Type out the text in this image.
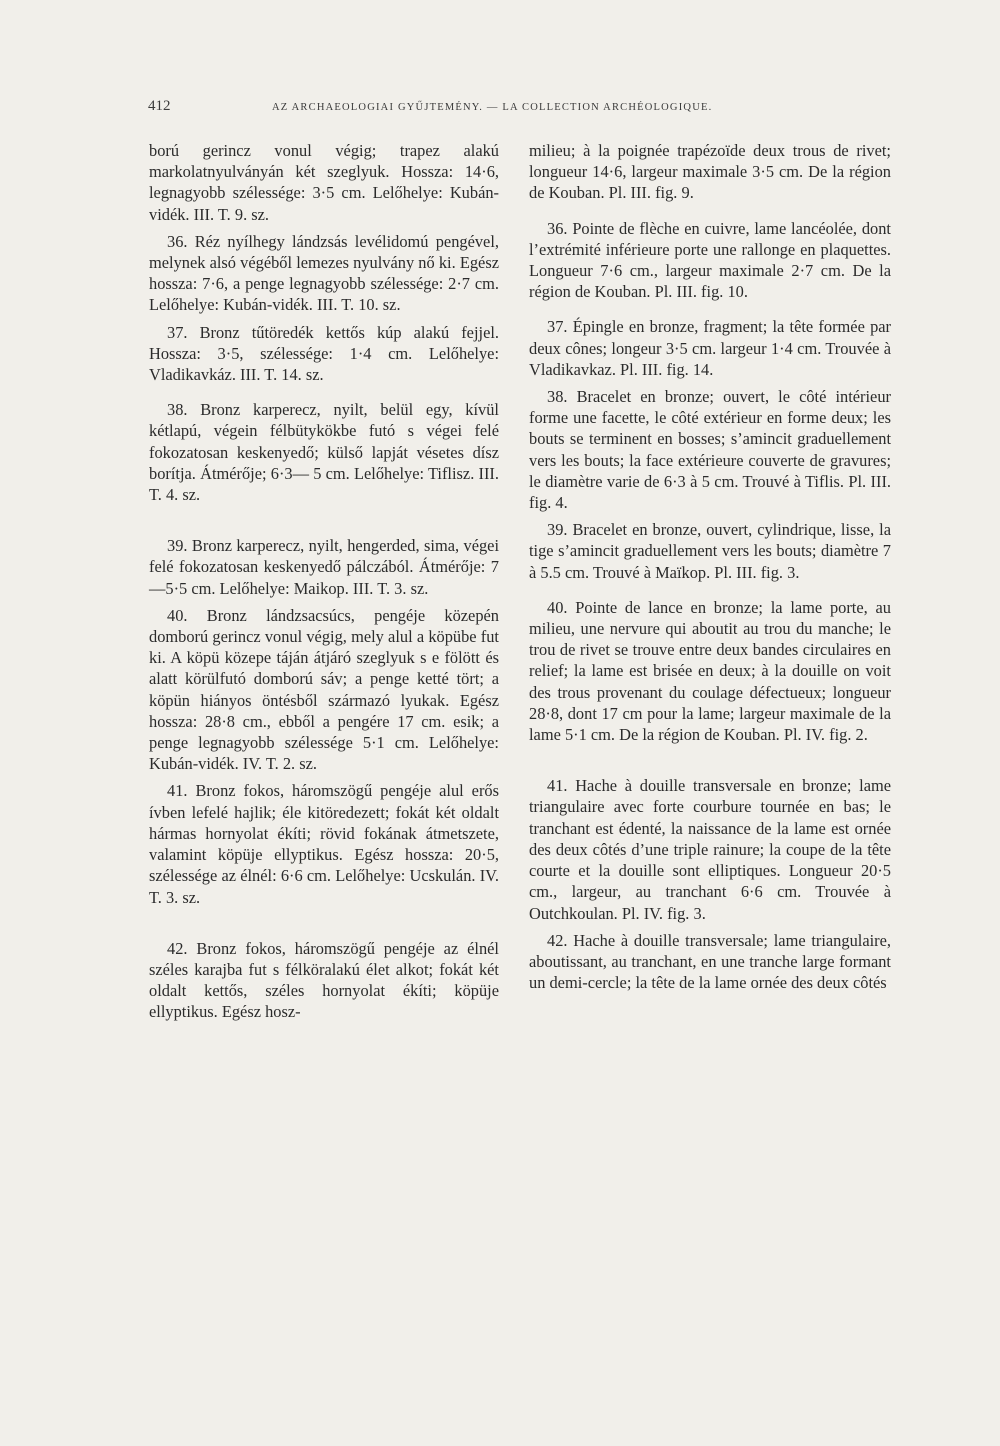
412	AZ ARCHAEOLOGIAI GYŰJTEMÉNY. — LA COLLECTION ARCHÉOLOGIQUE.

ború gerincz vonul végig; trapez alakú markolatnyulványán két szeglyuk. Hossza: 14·6, legnagyobb szélessége: 3·5 cm. Lelőhelye: Kubán-vidék. III. T. 9. sz.

36. Réz nyílhegy lándzsás levélidomú pengével, melynek alsó végéből lemezes nyulvány nő ki. Egész hossza: 7·6, a penge legnagyobb szélessége: 2·7 cm. Lelőhelye: Kubán-vidék. III. T. 10. sz.

37. Bronz tűtöredék kettős kúp alakú fejjel. Hossza: 3·5, szélessége: 1·4 cm. Lelőhelye: Vladikavkáz. III. T. 14. sz.

38. Bronz karperecz, nyilt, belül egy, kívül kétlapú, végein félbütykökbe futó s végei felé fokozatosan keskenyedő; külső lapját vésetes dísz borítja. Átmérője; 6·3— 5 cm. Lelőhelye: Tiflisz. III. T. 4. sz.

39. Bronz karperecz, nyilt, hengerded, sima, végei felé fokozatosan keskenyedő pálczából. Átmérője: 7—5·5 cm. Lelőhelye: Maikop. III. T. 3. sz.

40. Bronz lándzsacsúcs, pengéje közepén domború gerincz vonul végig, mely alul a köpübe fut ki. A köpü közepe táján átjáró szeglyuk s e fölött és alatt körülfutó domború sáv; a penge ketté tört; a köpün hiányos öntésből származó lyukak. Egész hossza: 28·8 cm., ebből a pengére 17 cm. esik; a penge legnagyobb szélessége 5·1 cm. Lelőhelye: Kubán-vidék. IV. T. 2. sz.

41. Bronz fokos, háromszögű pengéje alul erős ívben lefelé hajlik; éle kitöredezett; fokát két oldalt hármas hornyolat ékíti; rövid fokának átmetszete, valamint köpüje ellyptikus. Egész hossza: 20·5, szélessége az élnél: 6·6 cm. Lelőhelye: Ucskulán. IV. T. 3. sz.

42. Bronz fokos, háromszögű pengéje az élnél széles karajba fut s félköralakú élet alkot; fokát két oldalt kettős, széles hornyolat ékíti; köpüje ellyptikus. Egész hosz-

milieu; à la poignée trapézoïde deux trous de rivet; longueur 14·6, largeur maximale 3·5 cm. De la région de Kouban. Pl. III. fig. 9.

36. Pointe de flèche en cuivre, lame lancéolée, dont l’extrémité inférieure porte une rallonge en plaquettes. Longueur 7·6 cm., largeur maximale 2·7 cm. De la région de Kouban. Pl. III. fig. 10.

37. Épingle en bronze, fragment; la tête formée par deux cônes; longeur 3·5 cm. largeur 1·4 cm. Trouvée à Vladikavkaz. Pl. III. fig. 14.

38. Bracelet en bronze; ouvert, le côté intérieur forme une facette, le côté extérieur en forme deux; les bouts se terminent en bosses; s’amincit graduellement vers les bouts; la face extérieure couverte de gravures; le diamètre varie de 6·3 à 5 cm. Trouvé à Tiflis. Pl. III. fig. 4.

39. Bracelet en bronze, ouvert, cylindrique, lisse, la tige s’amincit graduellement vers les bouts; diamètre 7 à 5.5 cm. Trouvé à Maïkop. Pl. III. fig. 3.

40. Pointe de lance en bronze; la lame porte, au milieu, une nervure qui aboutit au trou du manche; le trou de rivet se trouve entre deux bandes circulaires en relief; la lame est brisée en deux; à la douille on voit des trous provenant du coulage défectueux; longueur 28·8, dont 17 cm pour la lame; largeur maximale de la lame 5·1 cm. De la région de Kouban. Pl. IV. fig. 2.

41. Hache à douille transversale en bronze; lame triangulaire avec forte courbure tournée en bas; le tranchant est édenté, la naissance de la lame est ornée des deux côtés d’une triple rainure; la coupe de la tête courte et la douille sont elliptiques. Longueur 20·5 cm., largeur, au tranchant 6·6 cm. Trouvée à Outchkoulan. Pl. IV. fig. 3.

42. Hache à douille transversale; lame triangulaire, aboutissant, au tranchant, en une tranche large formant un demi-cercle; la tête de la lame ornée des deux côtés
